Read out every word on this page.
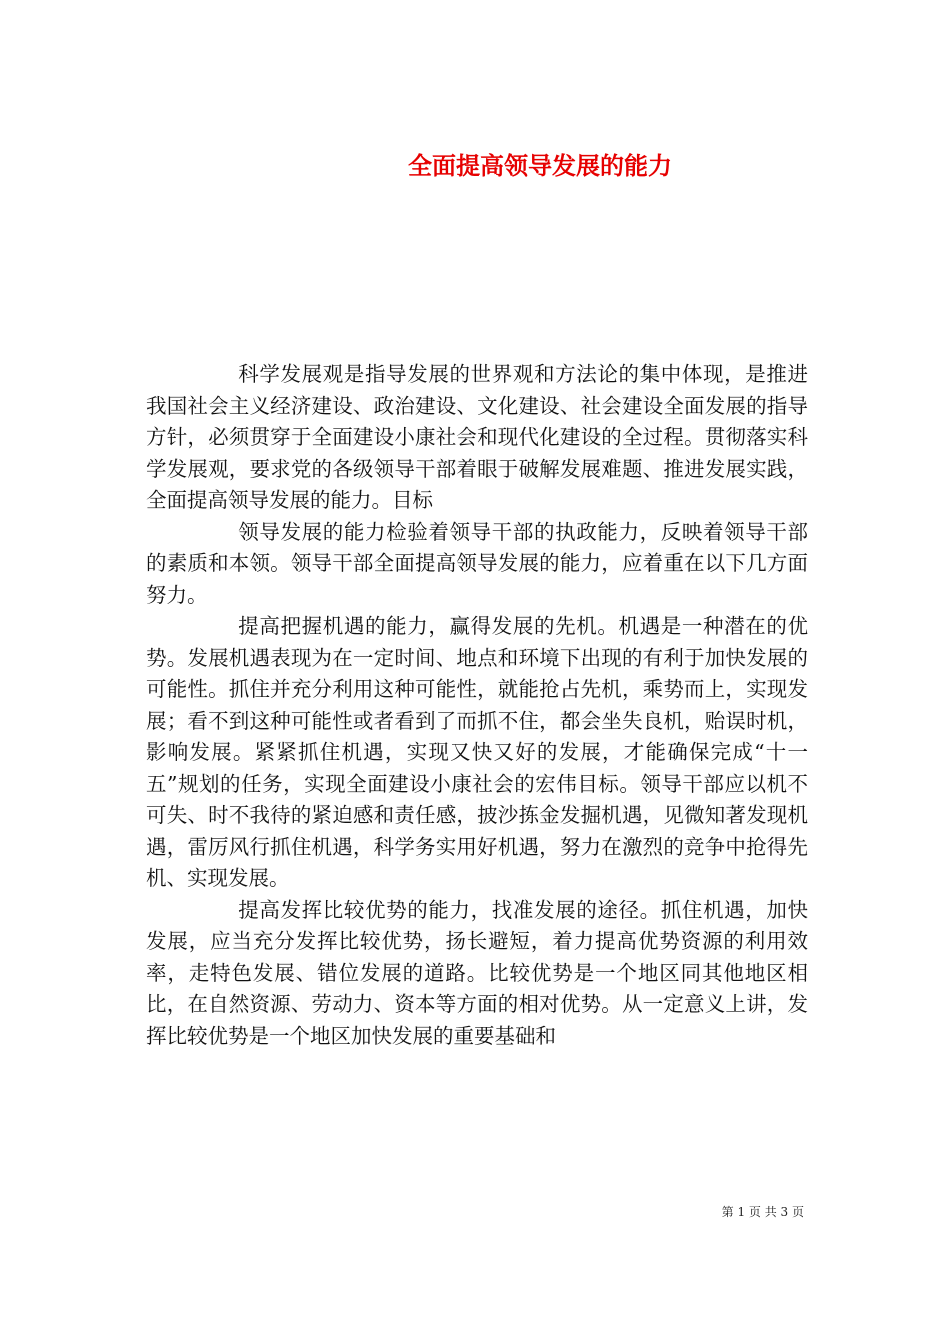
全面提高领导发展的能力

科学发展观是指导发展的世界观和方法论的集中体现，是推进我国社会主义经济建设、政治建设、文化建设、社会建设全面发展的指导方针，必须贯穿于全面建设小康社会和现代化建设的全过程。贯彻落实科学发展观，要求党的各级领导干部着眼于破解发展难题、推进发展实践，全面提高领导发展的能力。目标

领导发展的能力检验着领导干部的执政能力，反映着领导干部的素质和本领。领导干部全面提高领导发展的能力，应着重在以下几方面努力。

提高把握机遇的能力，赢得发展的先机。机遇是一种潜在的优势。发展机遇表现为在一定时间、地点和环境下出现的有利于加快发展的可能性。抓住并充分利用这种可能性，就能抢占先机，乘势而上，实现发展；看不到这种可能性或者看到了而抓不住，都会坐失良机，贻误时机，影响发展。紧紧抓住机遇，实现又快又好的发展，才能确保完成“十一五”规划的任务，实现全面建设小康社会的宏伟目标。领导干部应以机不可失、时不我待的紧迫感和责任感，披沙拣金发掘机遇，见微知著发现机遇，雷厉风行抓住机遇，科学务实用好机遇，努力在激烈的竞争中抢得先机、实现发展。

提高发挥比较优势的能力，找准发展的途径。抓住机遇，加快发展，应当充分发挥比较优势，扬长避短，着力提高优势资源的利用效率，走特色发展、错位发展的道路。比较优势是一个地区同其他地区相比，在自然资源、劳动力、资本等方面的相对优势。从一定意义上讲，发挥比较优势是一个地区加快发展的重要基础和

第 1 页 共 3 页
